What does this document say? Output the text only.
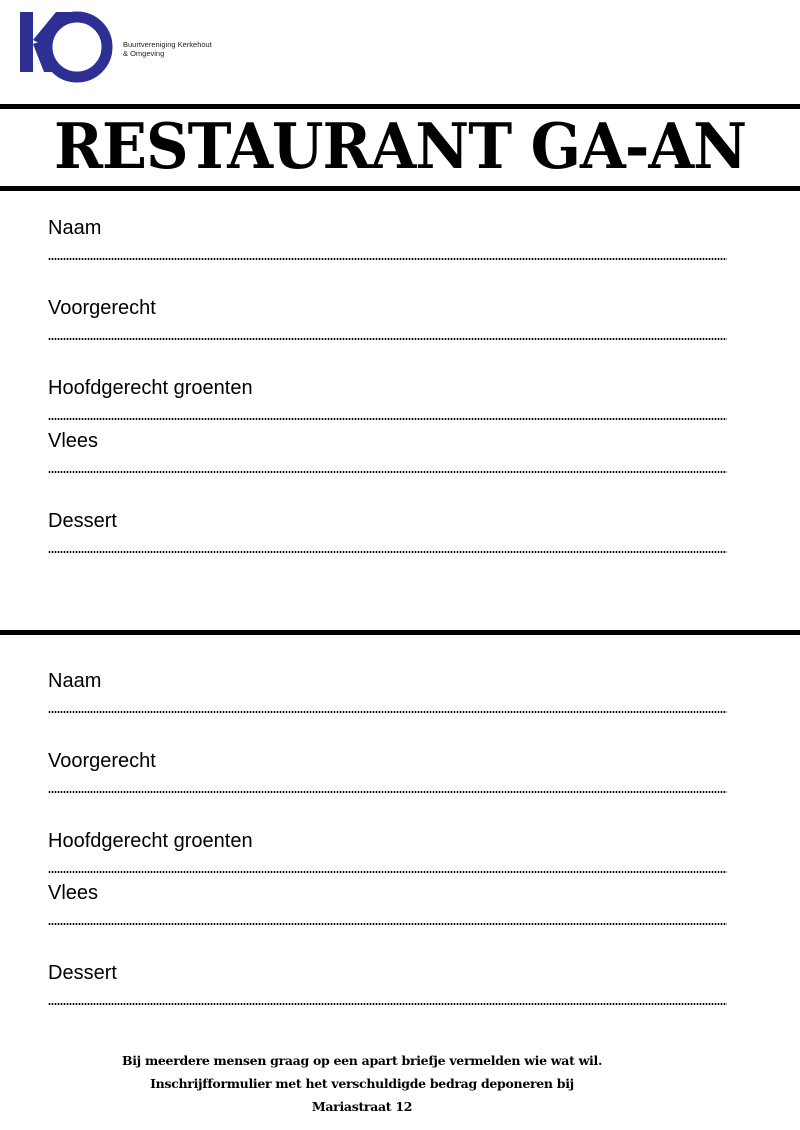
Buurtvereniging Kerkehout
& Omgeving
RESTAURANT GA-AN
Naam
Voorgerecht
Hoofdgerecht groenten
Vlees
Dessert
Naam
Voorgerecht
Hoofdgerecht groenten
Vlees
Dessert
Bij meerdere mensen graag op een apart briefje vermelden wie wat wil.
Inschrijfformulier met het verschuldigde bedrag deponeren bij
Mariastraat 12
